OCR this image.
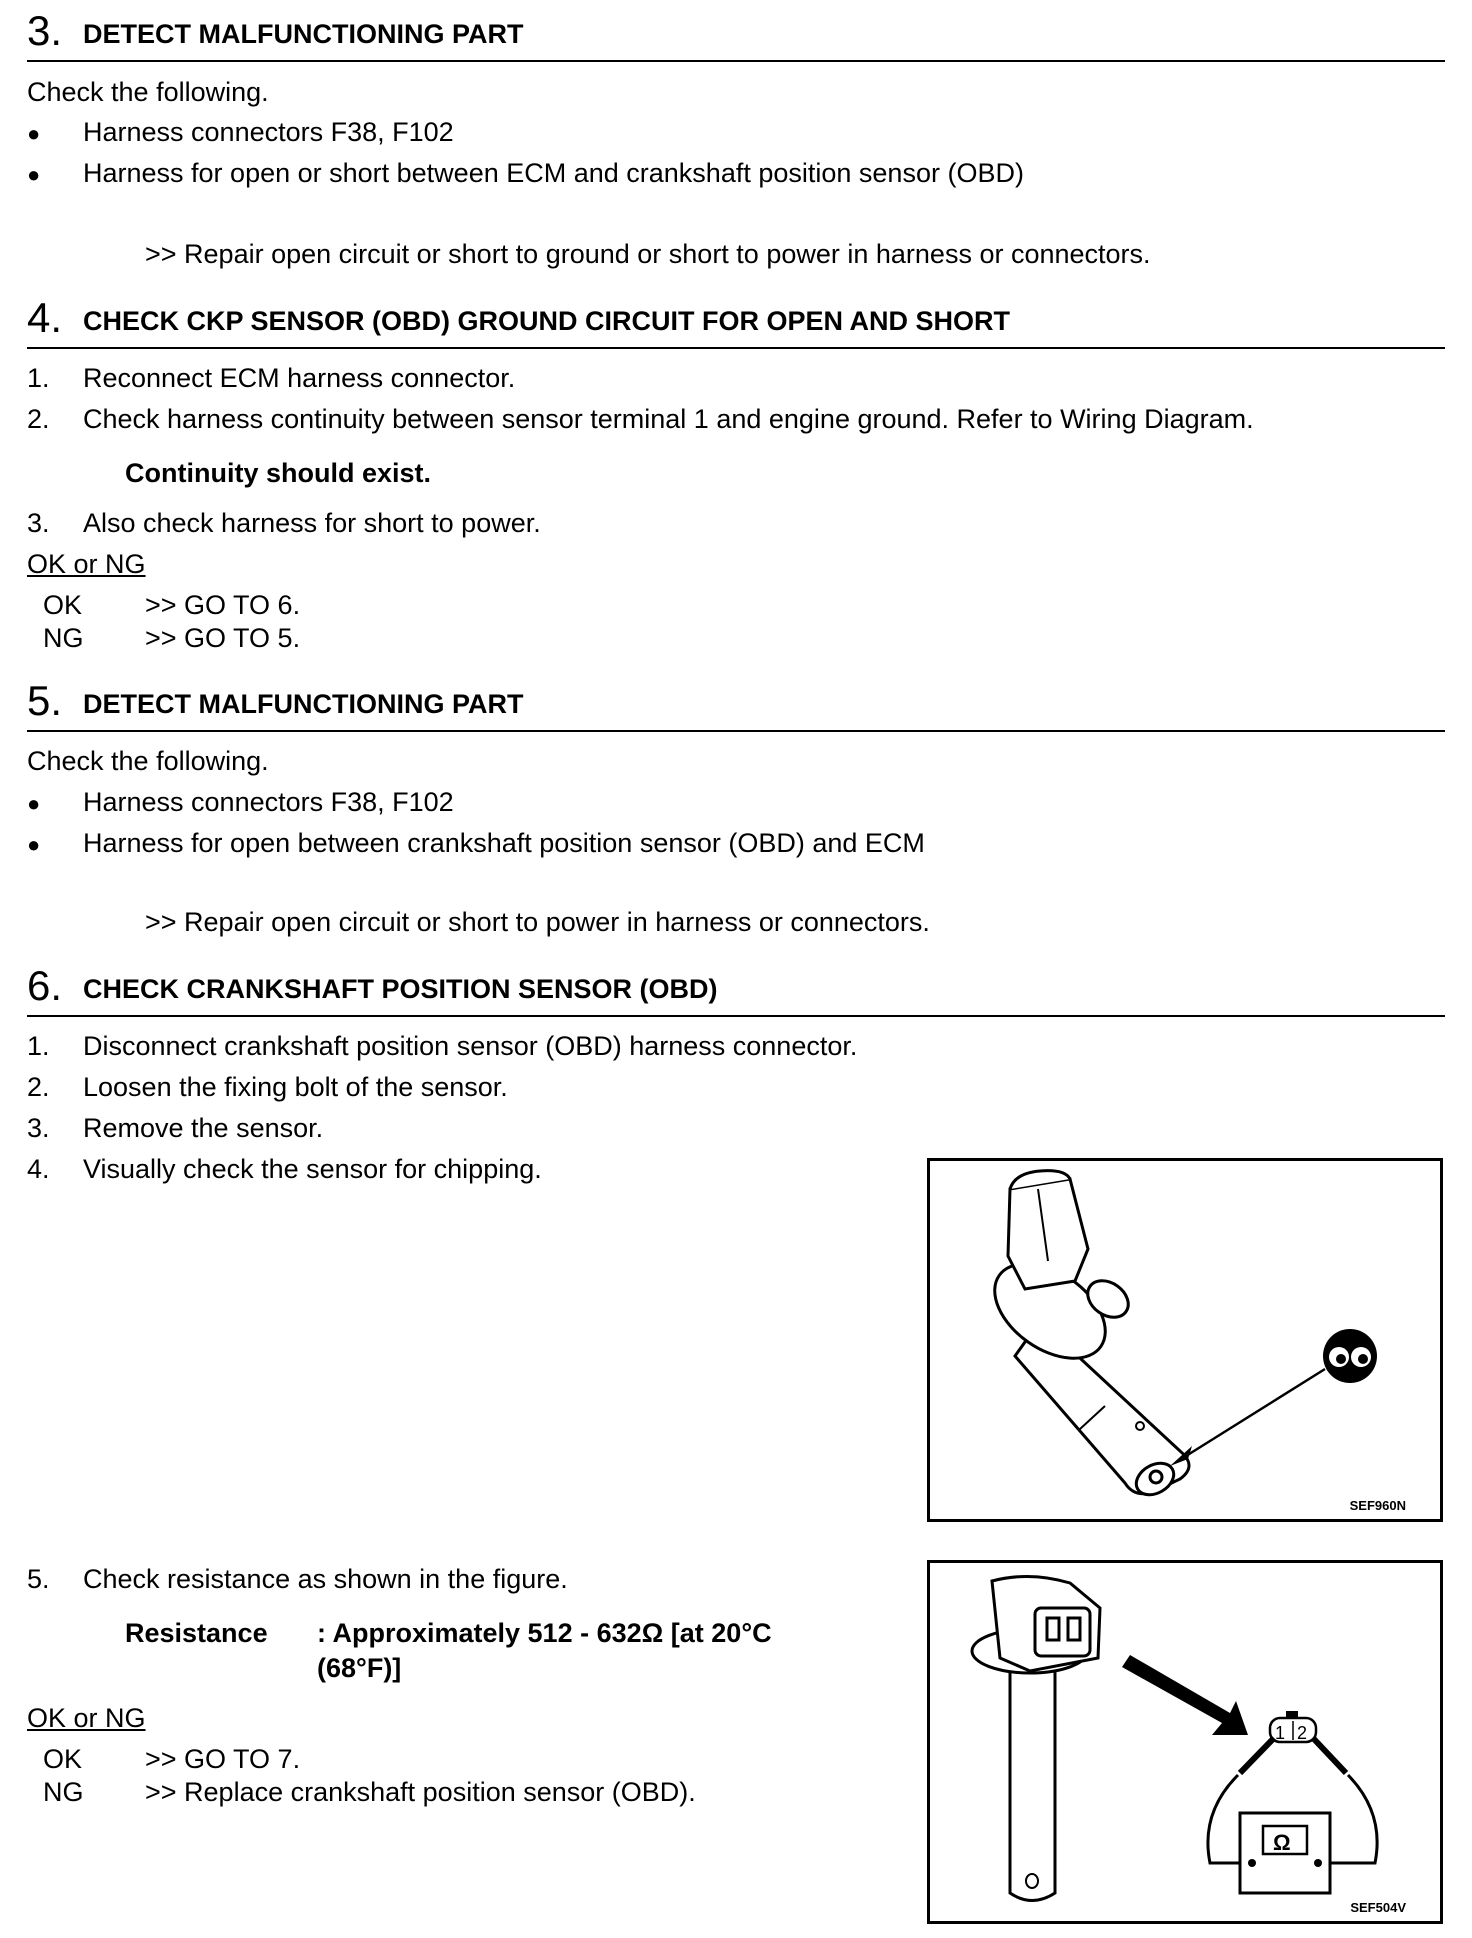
3. DETECT MALFUNCTIONING PART
Check the following.
● Harness connectors F38, F102
● Harness for open or short between ECM and crankshaft position sensor (OBD)
>> Repair open circuit or short to ground or short to power in harness or connectors.
4. CHECK CKP SENSOR (OBD) GROUND CIRCUIT FOR OPEN AND SHORT
1. Reconnect ECM harness connector.
2. Check harness continuity between sensor terminal 1 and engine ground. Refer to Wiring Diagram.
Continuity should exist.
3. Also check harness for short to power.
OK or NG
OK >> GO TO 6.
NG >> GO TO 5.
5. DETECT MALFUNCTIONING PART
Check the following.
● Harness connectors F38, F102
● Harness for open between crankshaft position sensor (OBD) and ECM
>> Repair open circuit or short to power in harness or connectors.
6. CHECK CRANKSHAFT POSITION SENSOR (OBD)
1. Disconnect crankshaft position sensor (OBD) harness connector.
2. Loosen the fixing bolt of the sensor.
3. Remove the sensor.
4. Visually check the sensor for chipping.
5. Check resistance as shown in the figure.
Resistance : Approximately 512 - 632Ω [at 20°C
(68°F)]
OK or NG
OK >> GO TO 7.
NG >> Replace crankshaft position sensor (OBD).
SEF960N
1 2
Ω
SEF504V
